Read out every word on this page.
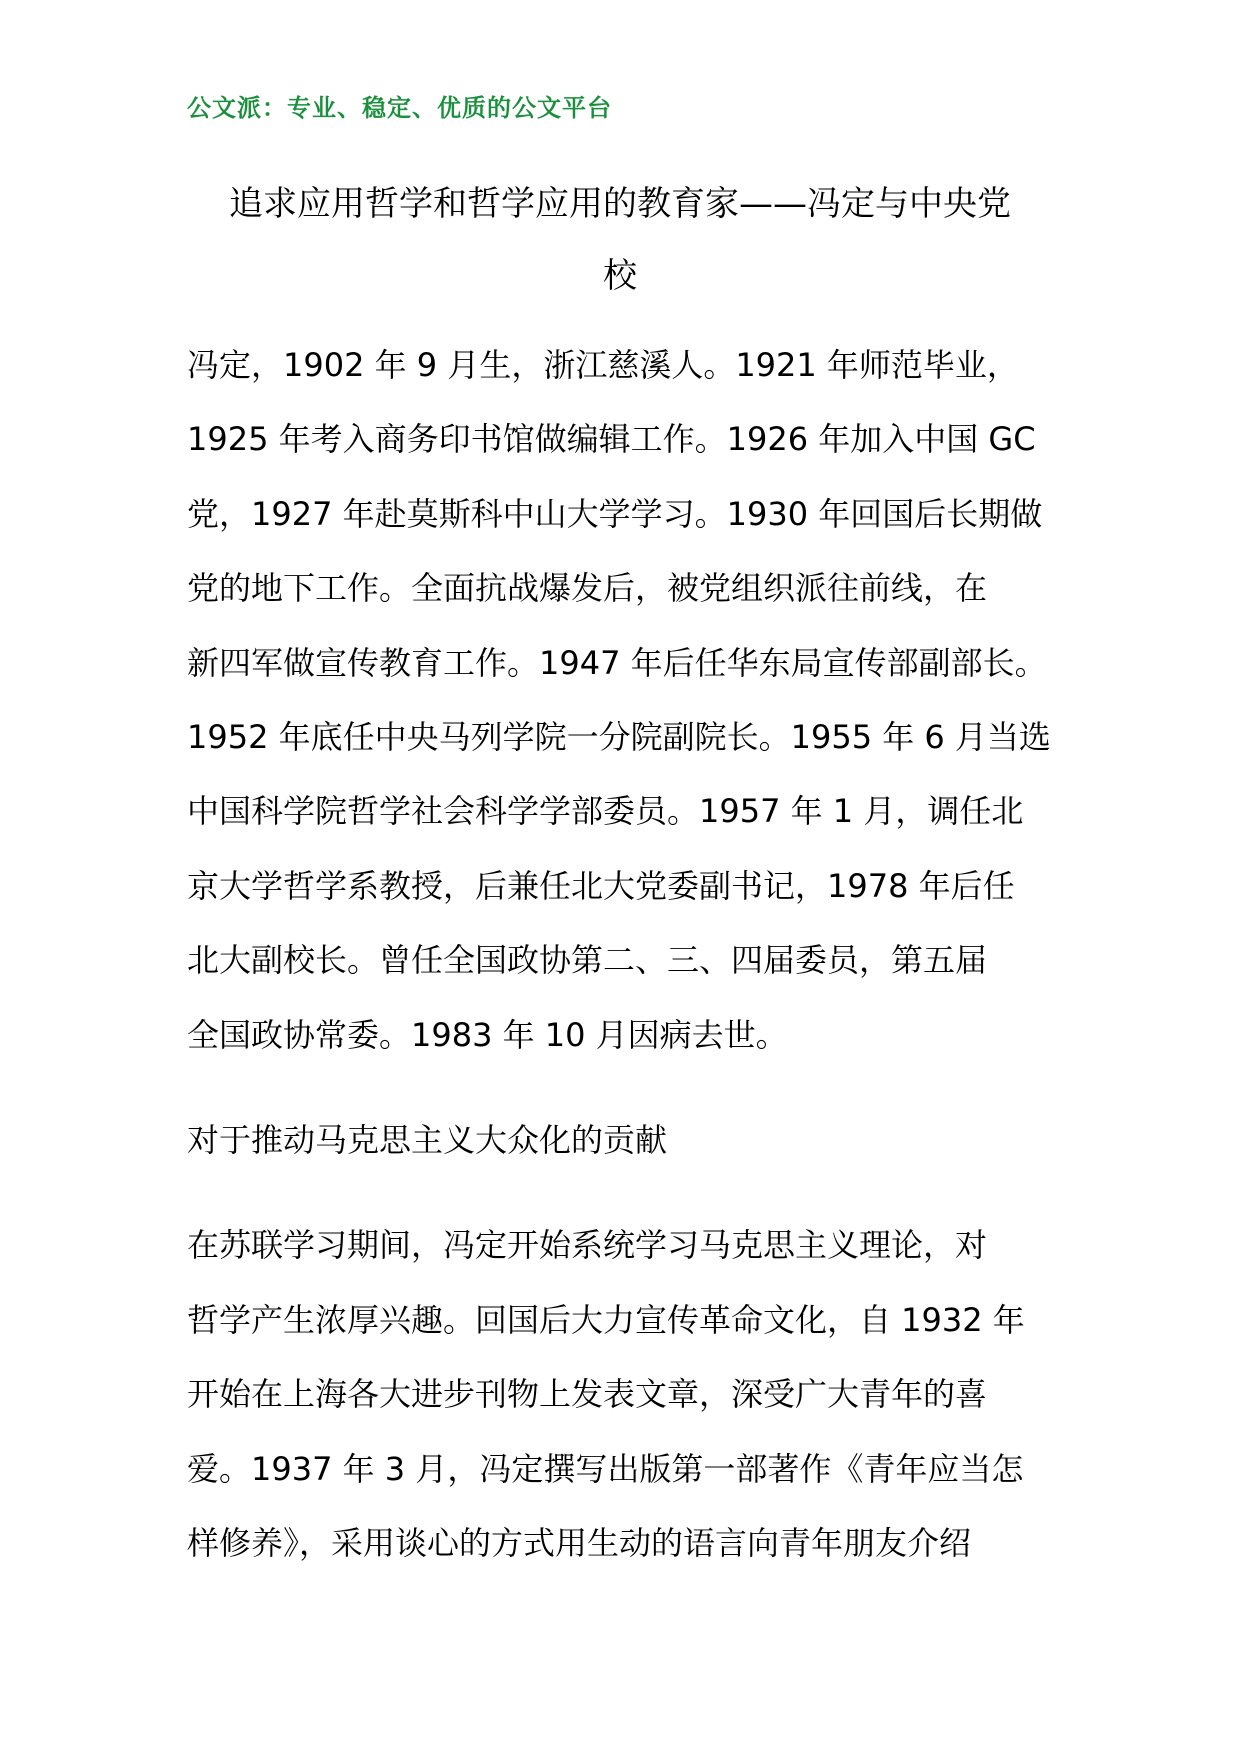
公文派：专业、稳定、优质的公文平台
追求应用哲学和哲学应用的教育家——冯定与中央党
校

冯定，1902 年 9 月生，浙江慈溪人。1921 年师范毕业，
1925 年考入商务印书馆做编辑工作。1926 年加入中国 GC
党，1927 年赴莫斯科中山大学学习。1930 年回国后长期做
党的地下工作。全面抗战爆发后，被党组织派往前线，在
新四军做宣传教育工作。1947 年后任华东局宣传部副部长。
1952 年底任中央马列学院一分院副院长。1955 年 6 月当选
中国科学院哲学社会科学学部委员。1957 年 1 月，调任北
京大学哲学系教授，后兼任北大党委副书记，1978 年后任
北大副校长。曾任全国政协第二、三、四届委员，第五届
全国政协常委。1983 年 10 月因病去世。

对于推动马克思主义大众化的贡献

在苏联学习期间，冯定开始系统学习马克思主义理论，对
哲学产生浓厚兴趣。回国后大力宣传革命文化，自 1932 年
开始在上海各大进步刊物上发表文章，深受广大青年的喜
爱。1937 年 3 月，冯定撰写出版第一部著作《青年应当怎
样修养》，采用谈心的方式用生动的语言向青年朋友介绍
